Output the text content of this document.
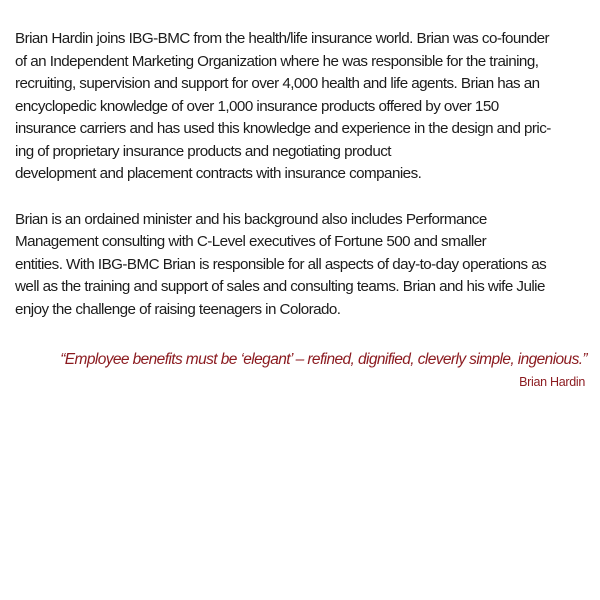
Brian Hardin joins IBG-BMC from the health/life insurance world. Brian was co-founder
of an Independent Marketing Organization where he was responsible for the training,
recruiting, supervision and support for over 4,000 health and life agents. Brian has an
encyclopedic knowledge of over 1,000 insurance products offered by over 150
insurance carriers and has used this knowledge and experience in the design and pric-
ing of proprietary insurance products and negotiating product
development and placement contracts with insurance companies.
Brian is an ordained minister and his background also includes Performance
Management consulting with C-Level executives of Fortune 500 and smaller
entities. With IBG-BMC Brian is responsible for all aspects of day-to-day operations as
well as the training and support of sales and consulting teams. Brian and his wife Julie
enjoy the challenge of raising teenagers in Colorado.
“Employee benefits must be ‘elegant’ – refined, dignified, cleverly simple, ingenious.”
Brian Hardin
